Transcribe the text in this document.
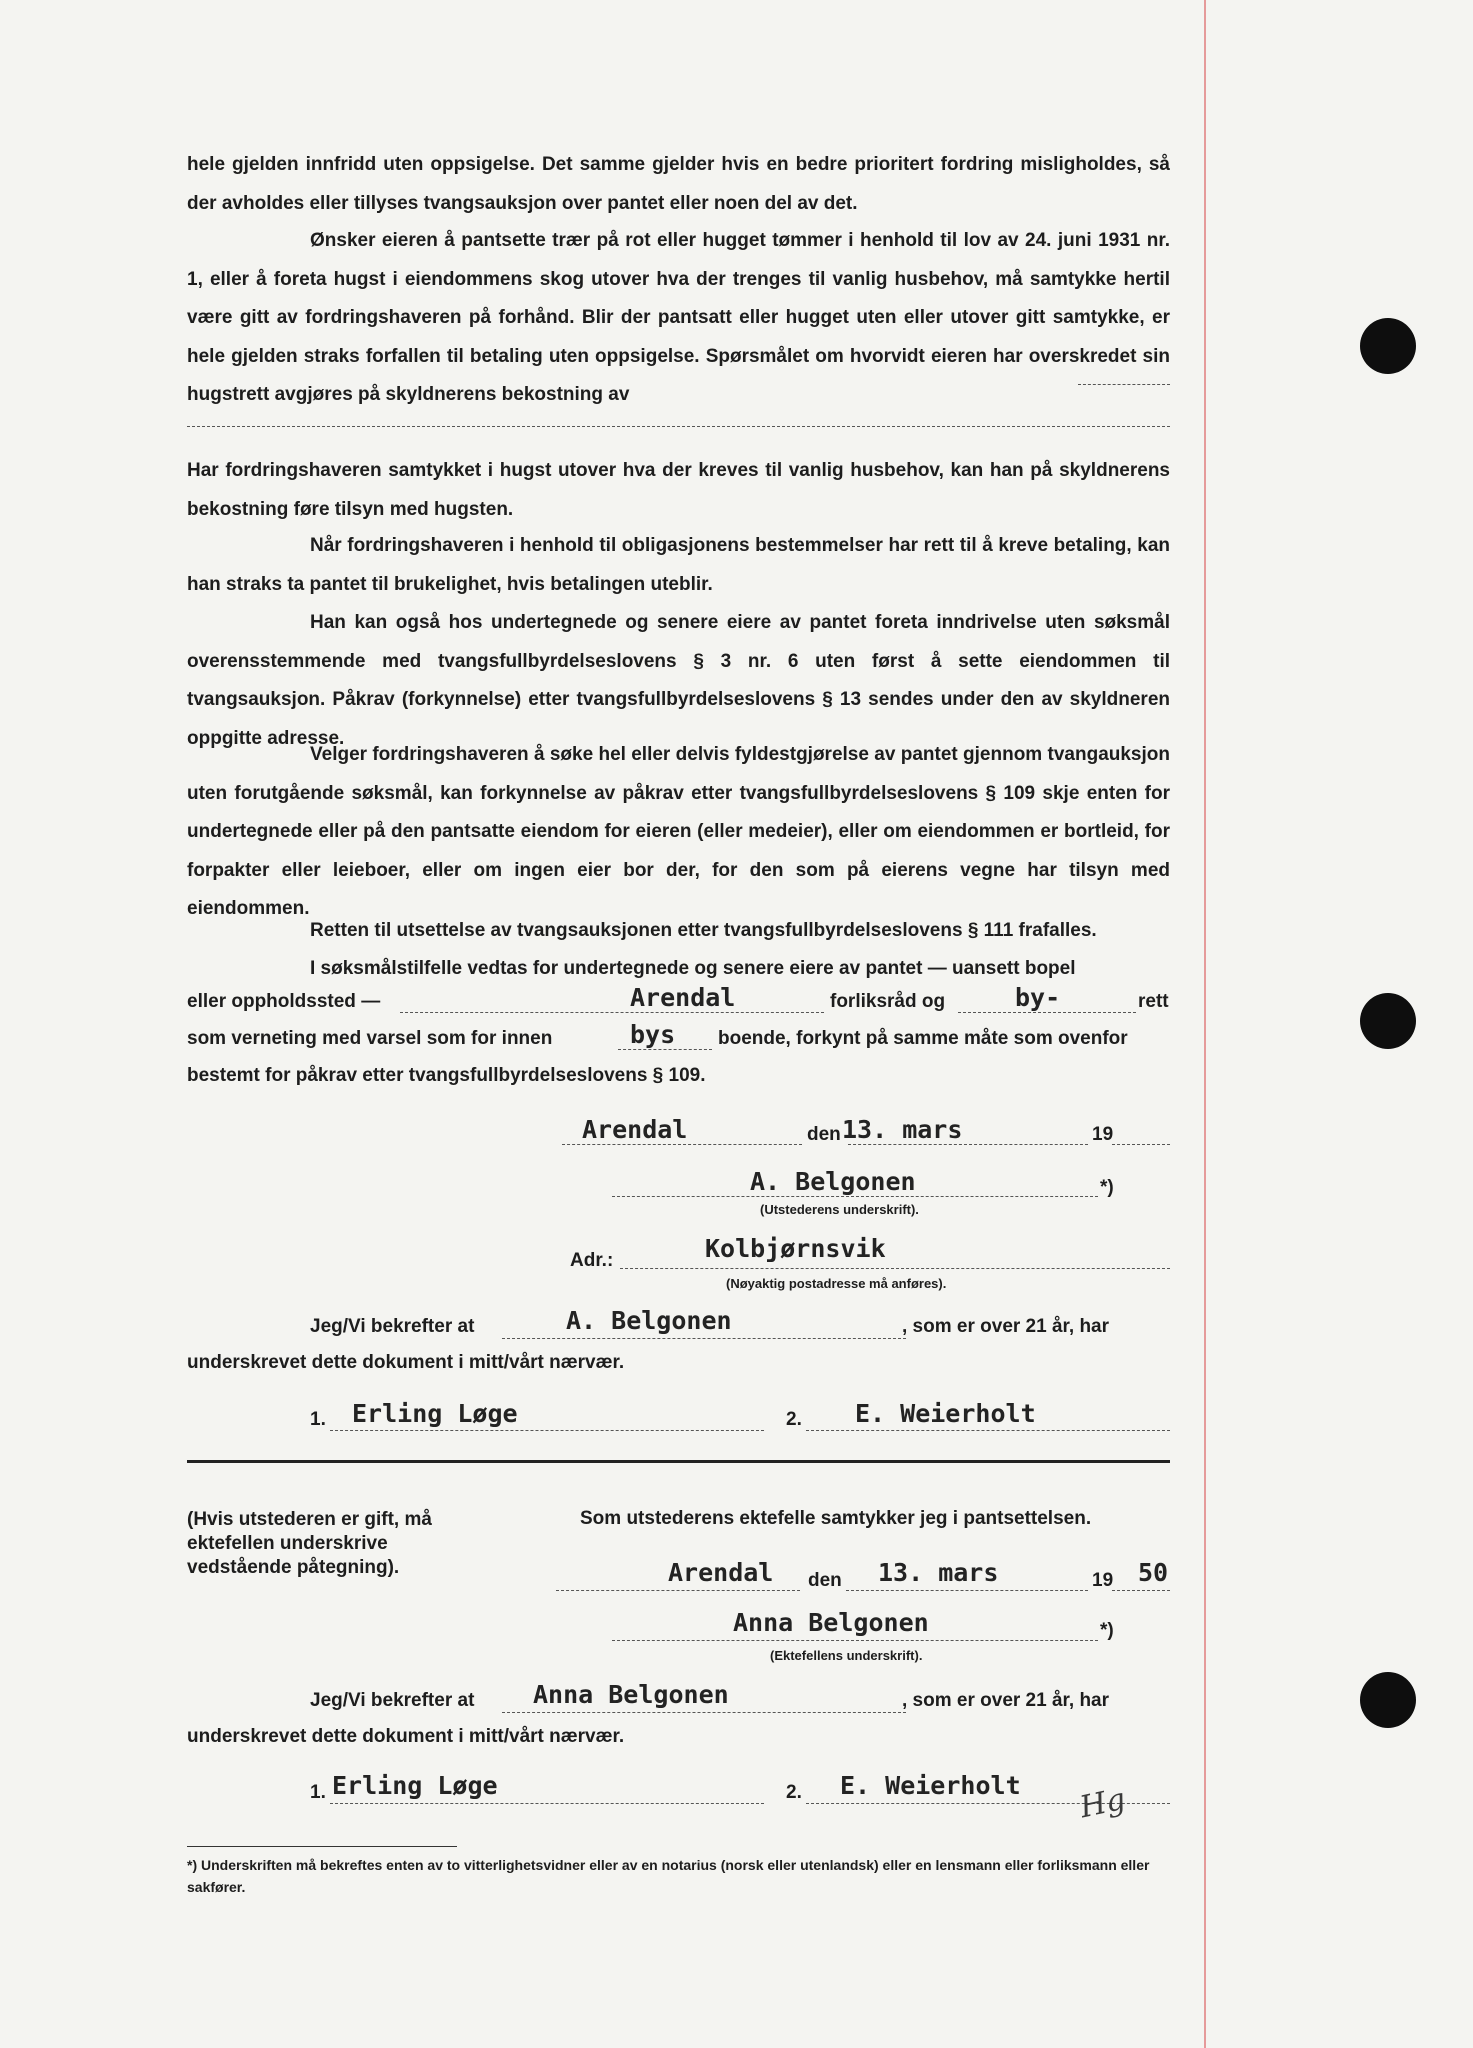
hele gjelden innfridd uten oppsigelse. Det samme gjelder hvis en bedre prioritert fordring misligholdes, så der avholdes eller tillyses tvangsauksjon over pantet eller noen del av det.
Ønsker eieren å pantsette trær på rot eller hugget tømmer i henhold til lov av 24. juni 1931 nr. 1, eller å foreta hugst i eiendommens skog utover hva der trenges til vanlig husbehov, må samtykke hertil være gitt av fordringshaveren på forhånd. Blir der pantsatt eller hugget uten eller utover gitt samtykke, er hele gjelden straks forfallen til betaling uten oppsigelse. Spørsmålet om hvorvidt eieren har overskredet sin hugstrett avgjøres på skyldnerens bekostning av
Har fordringshaveren samtykket i hugst utover hva der kreves til vanlig husbehov, kan han på skyldnerens bekostning føre tilsyn med hugsten.
Når fordringshaveren i henhold til obligasjonens bestemmelser har rett til å kreve betaling, kan han straks ta pantet til brukelighet, hvis betalingen uteblir.
Han kan også hos undertegnede og senere eiere av pantet foreta inndrivelse uten søksmål overensstemmende med tvangsfullbyrdelseslovens § 3 nr. 6 uten først å sette eiendommen til tvangsauksjon. Påkrav (forkynnelse) etter tvangsfullbyrdelseslovens § 13 sendes under den av skyldneren oppgitte adresse.
Velger fordringshaveren å søke hel eller delvis fyldestgjørelse av pantet gjennom tvangauksjon uten forutgående søksmål, kan forkynnelse av påkrav etter tvangsfullbyrdelseslovens § 109 skje enten for undertegnede eller på den pantsatte eiendom for eieren (eller medeier), eller om eiendommen er bortleid, for forpakter eller leieboer, eller om ingen eier bor der, for den som på eierens vegne har tilsyn med eiendommen.
Retten til utsettelse av tvangsauksjonen etter tvangsfullbyrdelseslovens § 111 frafalles.
I søksmålstilfelle vedtas for undertegnede og senere eiere av pantet — uansett bopel
eller oppholdssted —	Arendal	forliksråd og	by-	rett
som verneting med varsel som for innen	bys boende, forkynt på samme måte som ovenfor
bestemt for påkrav etter tvangsfullbyrdelseslovens § 109.
Arendal	den 13. mars	19
A. Belgonen	*)
(Utstederens underskrift).
Adr.:	Kolbjørnsvik
(Nøyaktig postadresse må anføres).
Jeg/Vi bekrefter at	A. Belgonen	, som er over 21 år, har
underskrevet dette dokument i mitt/vårt nærvær.
1. Erling Løge	2. E. Weierholt
(Hvis utstederen er gift, må ektefellen underskrive vedstående påtegning).
Som utstederens ektefelle samtykker jeg i pantsettelsen.
Arendal den 13. mars	19 50
Anna Belgonen	*)
(Ektefellens underskrift).
Jeg/Vi bekrefter at Anna Belgonen	, som er over 21 år, har
underskrevet dette dokument i mitt/vårt nærvær.
1. Erling Løge	2. E. Weierholt Hg
*) Underskriften må bekreftes enten av to vitterlighetsvidner eller av en notarius (norsk eller utenlandsk) eller en lensmann eller forliksmann eller sakfører.
